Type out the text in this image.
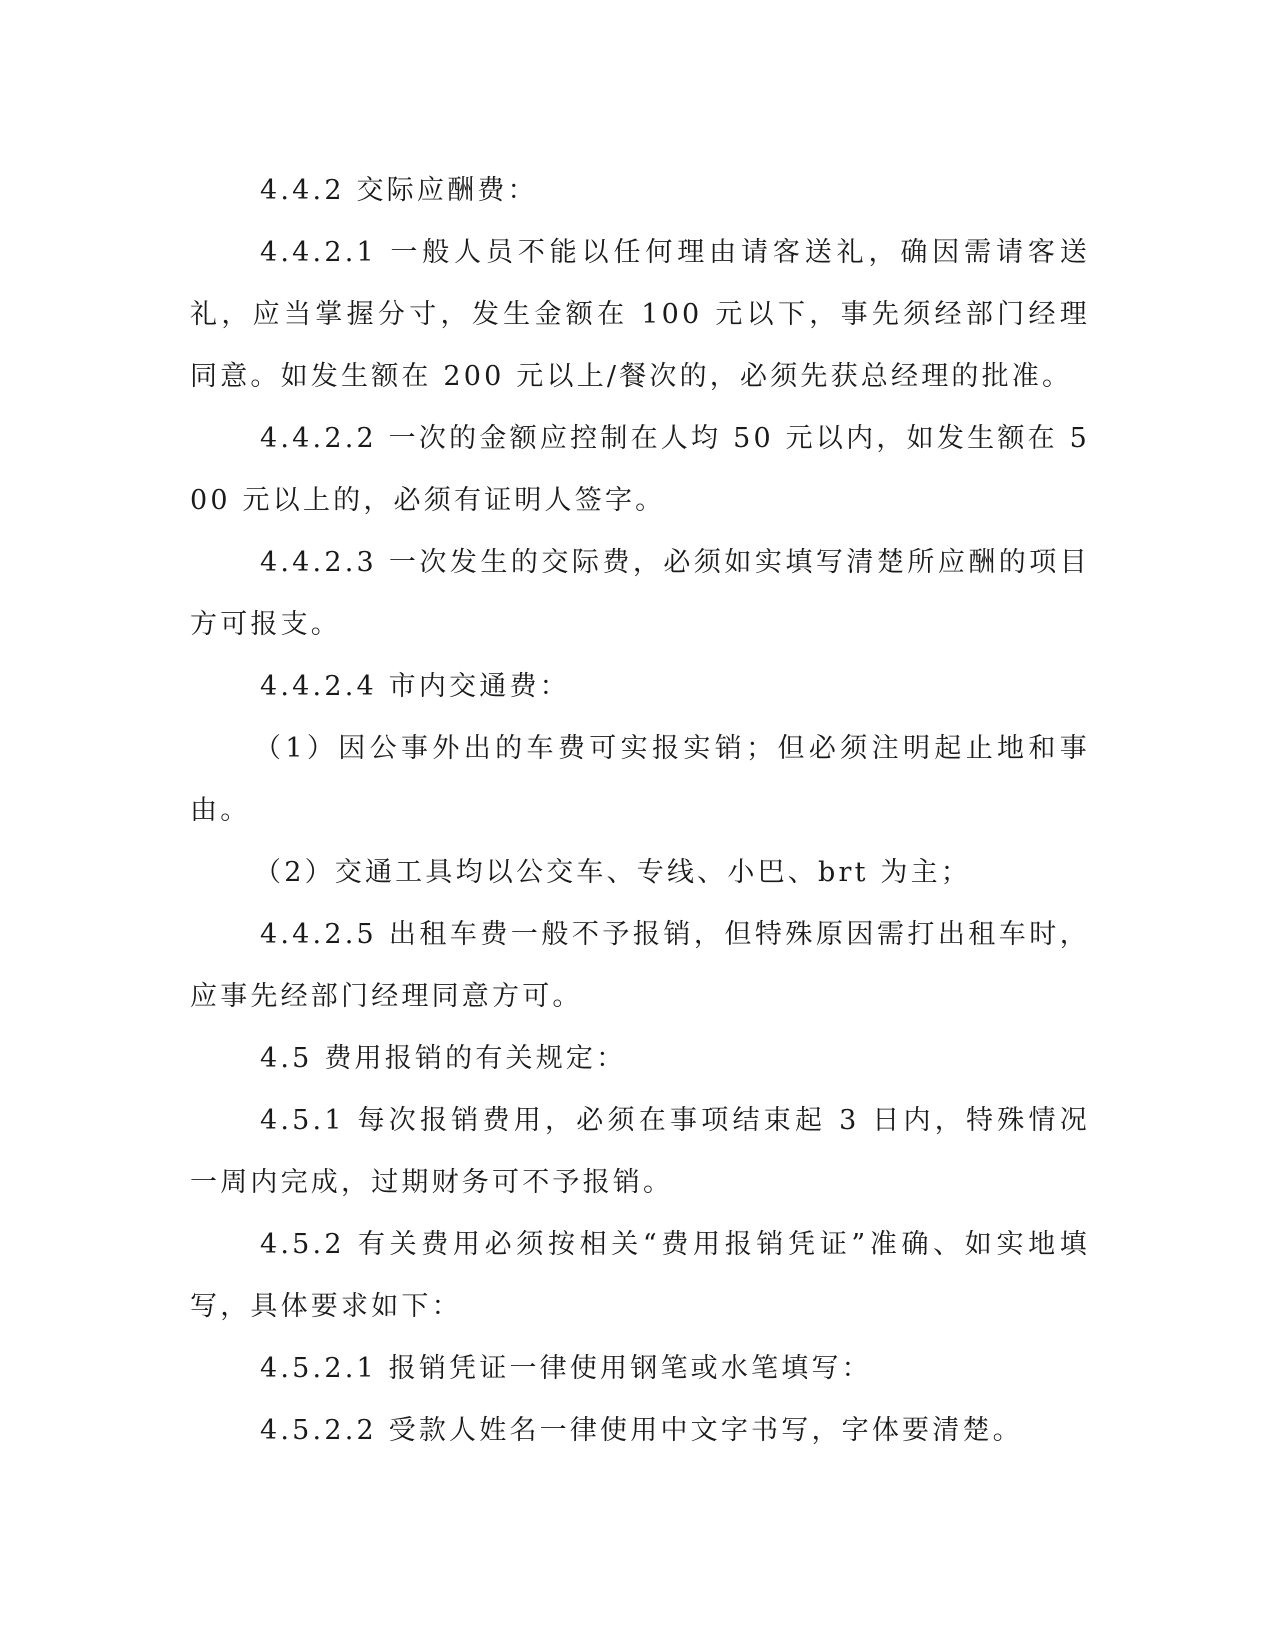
4.4.2 交际应酬费：

4.4.2.1 一般人员不能以任何理由请客送礼，确因需请客送礼，应当掌握分寸，发生金额在 100 元以下，事先须经部门经理同意。如发生额在 200 元以上/餐次的，必须先获总经理的批准。

4.4.2.2 一次的金额应控制在人均 50 元以内，如发生额在 500 元以上的，必须有证明人签字。

4.4.2.3 一次发生的交际费，必须如实填写清楚所应酬的项目方可报支。

4.4.2.4 市内交通费：

（1）因公事外出的车费可实报实销；但必须注明起止地和事由。

（2）交通工具均以公交车、专线、小巴、brt 为主；

4.4.2.5 出租车费一般不予报销，但特殊原因需打出租车时，应事先经部门经理同意方可。

4.5 费用报销的有关规定：

4.5.1 每次报销费用，必须在事项结束起 3 日内，特殊情况一周内完成，过期财务可不予报销。

4.5.2 有关费用必须按相关“费用报销凭证”准确、如实地填写，具体要求如下：

4.5.2.1 报销凭证一律使用钢笔或水笔填写：

4.5.2.2 受款人姓名一律使用中文字书写，字体要清楚。
